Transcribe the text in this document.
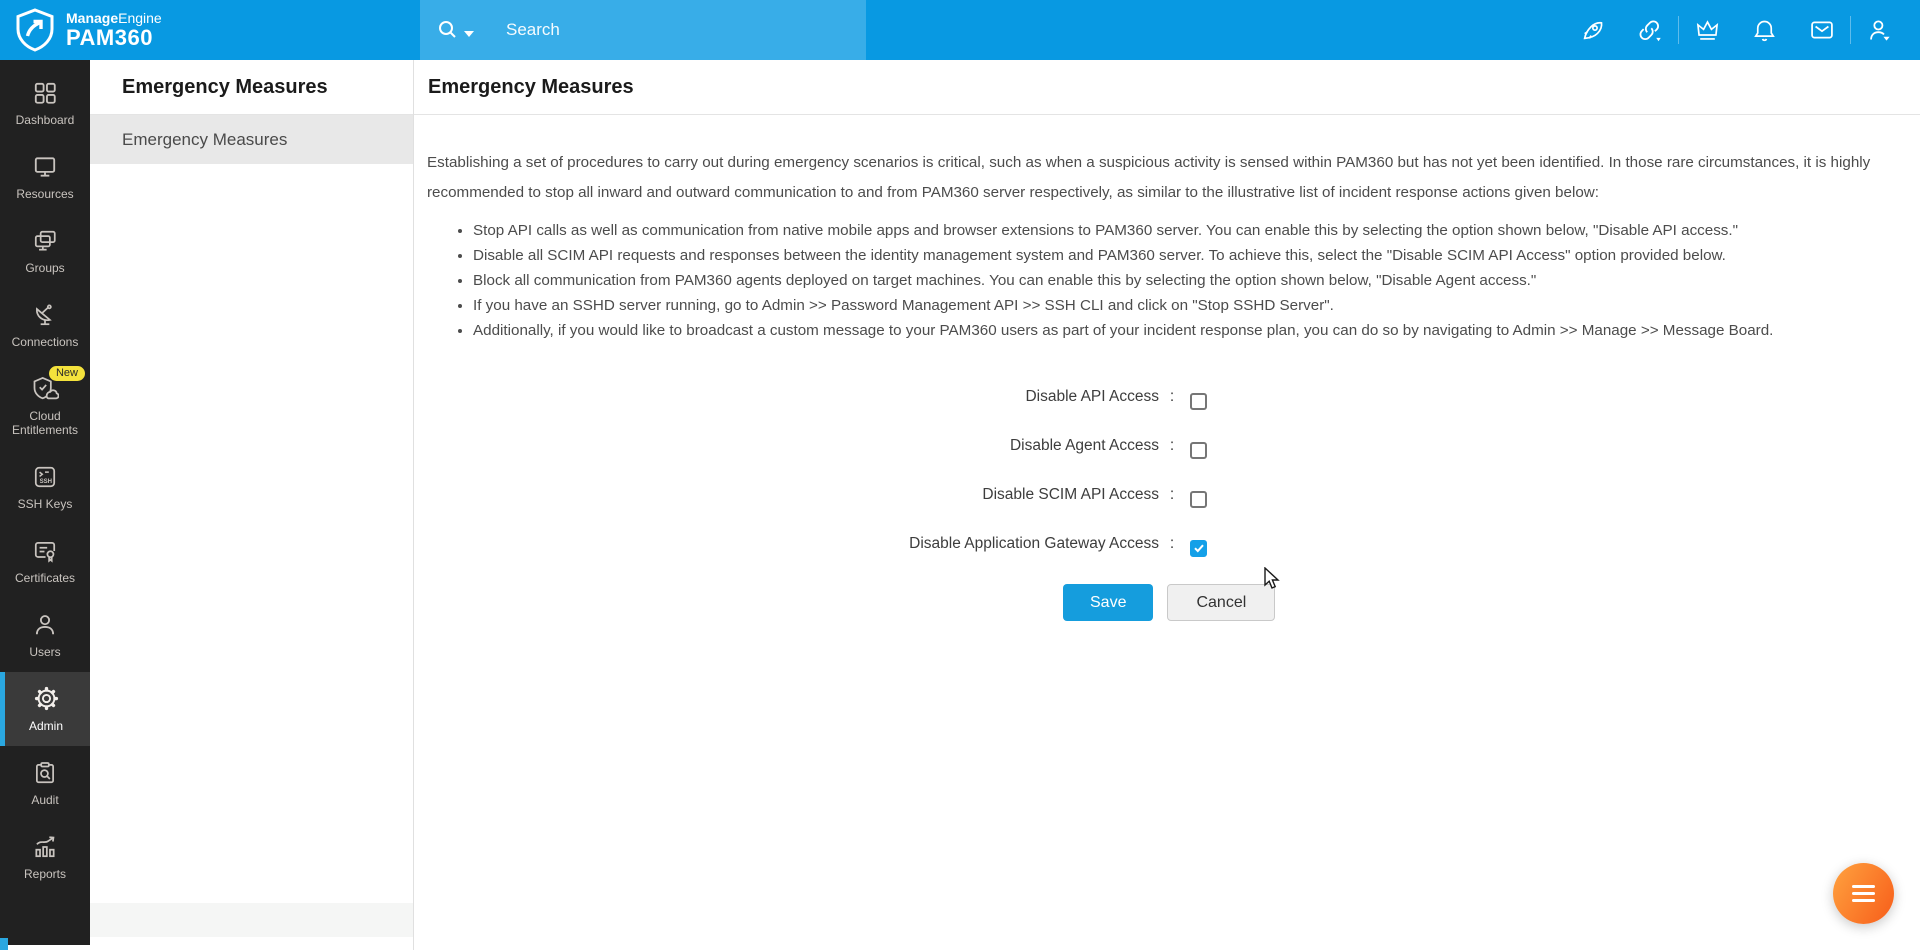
ManageEngine
PAM360
Search
Dashboard
Resources
Groups
Connections
New
Cloud Entitlements
SSH
SSH Keys
Certificates
Users
Admin
Audit
Reports
Emergency Measures
Emergency Measures
Emergency Measures

Establishing a set of procedures to carry out during emergency scenarios is critical, such as when a suspicious activity is sensed within PAM360 but has not yet been identified. In those rare circumstances, it is highly recommended to stop all inward and outward communication to and from PAM360 server respectively, as similar to the illustrative list of incident response actions given below:

• Stop API calls as well as communication from native mobile apps and browser extensions to PAM360 server. You can enable this by selecting the option shown below, "Disable API access."
• Disable all SCIM API requests and responses between the identity management system and PAM360 server. To achieve this, select the "Disable SCIM API Access" option provided below.
• Block all communication from PAM360 agents deployed on target machines. You can enable this by selecting the option shown below, "Disable Agent access."
• If you have an SSHD server running, go to Admin >> Password Management API >> SSH CLI and click on "Stop SSHD Server".
• Additionally, if you would like to broadcast a custom message to your PAM360 users as part of your incident response plan, you can do so by navigating to Admin >> Manage >> Message Board.
Disable API Access :
Disable Agent Access :
Disable SCIM API Access :
Disable Application Gateway Access :
Save	Cancel
